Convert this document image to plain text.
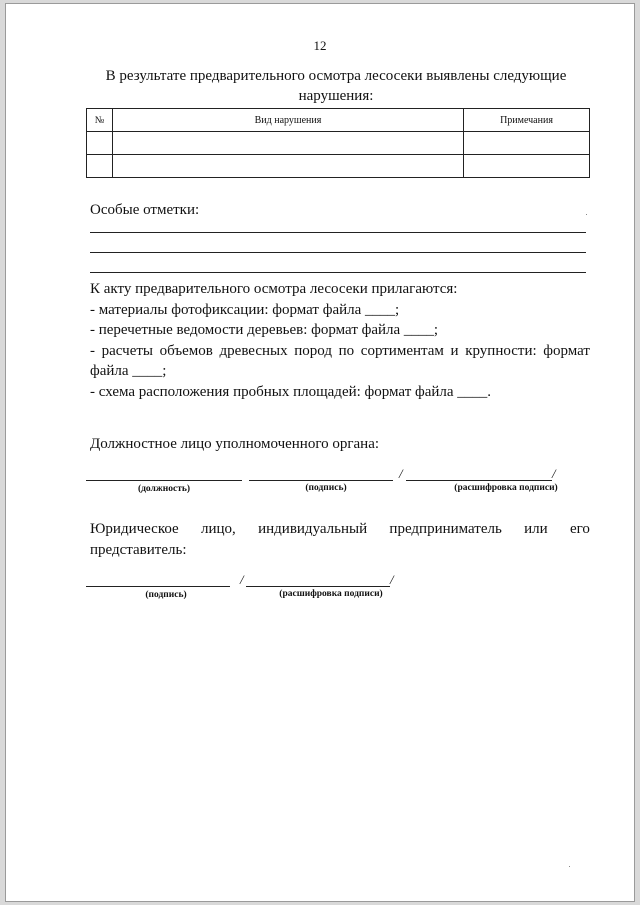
12
В результате предварительного осмотра лесосеки выявлены следующие нарушения:
№	Вид нарушения	Примечания

Особые отметки:
К акту предварительного осмотра лесосеки прилагаются:
- материалы фотофиксации: формат файла ____;
- перечетные ведомости деревьев: формат файла ____;
- расчеты объемов древесных пород по сортиментам и крупности: формат
файла ____;
- схема расположения пробных площадей: формат файла ____.
Должностное лицо уполномоченного органа:
/	/
(должность)	(подпись)	(расшифровка подписи)
Юридическое лицо, индивидуальный предприниматель или его
представитель:
/	/
(подпись)	(расшифровка подписи)
